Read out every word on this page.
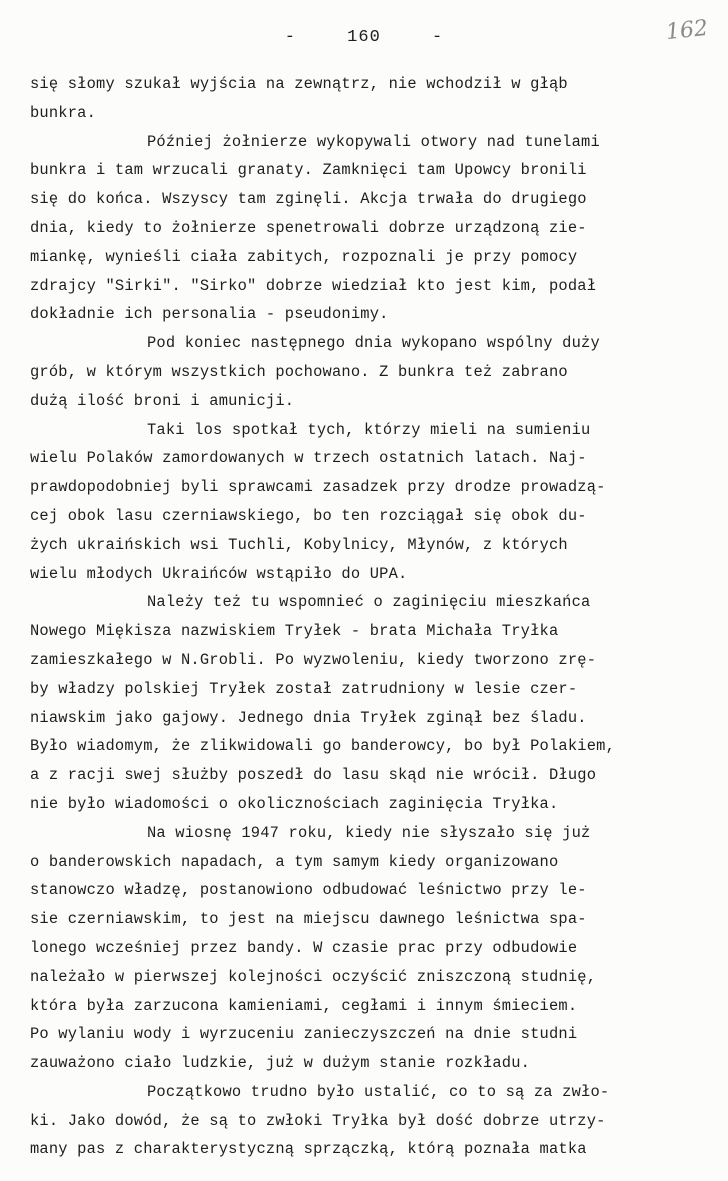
- 160 -	162
się słomy szukał wyjścia na zewnątrz, nie wchodził w głąb
bunkra.
Później żołnierze wykopywali otwory nad tunelami
bunkra i tam wrzucali granaty. Zamknięci tam Upowcy bronili
się do końca. Wszyscy tam zginęli. Akcja trwała do drugiego
dnia, kiedy to żołnierze spenetrowali dobrze urządzoną zie-
miankę, wynieśli ciała zabitych, rozpoznali je przy pomocy
zdrajcy "Sirki". "Sirko" dobrze wiedział kto jest kim, podał
dokładnie ich personalia - pseudonimy.
Pod koniec następnego dnia wykopano wspólny duży
grób, w którym wszystkich pochowano. Z bunkra też zabrano
dużą ilość broni i amunicji.
Taki los spotkał tych, którzy mieli na sumieniu
wielu Polaków zamordowanych w trzech ostatnich latach. Naj-
prawdopodobniej byli sprawcami zasadzek przy drodze prowadzą-
cej obok lasu czerniawskiego, bo ten rozciągał się obok du-
żych ukraińskich wsi Tuchli, Kobylnicy, Młynów, z których
wielu młodych Ukraińców wstąpiło do UPA.
Należy też tu wspomnieć o zaginięciu mieszkańca
Nowego Miękisza nazwiskiem Tryłek - brata Michała Tryłka
zamieszkałego w N.Grobli. Po wyzwoleniu, kiedy tworzono zrę-
by władzy polskiej Tryłek został zatrudniony w lesie czer-
niawskim jako gajowy. Jednego dnia Tryłek zginął bez śladu.
Było wiadomym, że zlikwidowali go banderowcy, bo był Polakiem,
a z racji swej służby poszedł do lasu skąd nie wrócił. Długo
nie było wiadomości o okolicznościach zaginięcia Tryłka.
Na wiosnę 1947 roku, kiedy nie słyszało się już
o banderowskich napadach, a tym samym kiedy organizowano
stanowczo władzę, postanowiono odbudować leśnictwo przy le-
sie czerniawskim, to jest na miejscu dawnego leśnictwa spa-
lonego wcześniej przez bandy. W czasie prac przy odbudowie
należało w pierwszej kolejności oczyścić zniszczoną studnię,
która była zarzucona kamieniami, cegłami i innym śmieciem.
Po wylaniu wody i wyrzuceniu zanieczyszczeń na dnie studni
zauważono ciało ludzkie, już w dużym stanie rozkładu.
Początkowo trudno było ustalić, co to są za zwło-
ki. Jako dowód, że są to zwłoki Tryłka był dość dobrze utrzy-
many pas z charakterystyczną sprzączką, którą poznała matka
